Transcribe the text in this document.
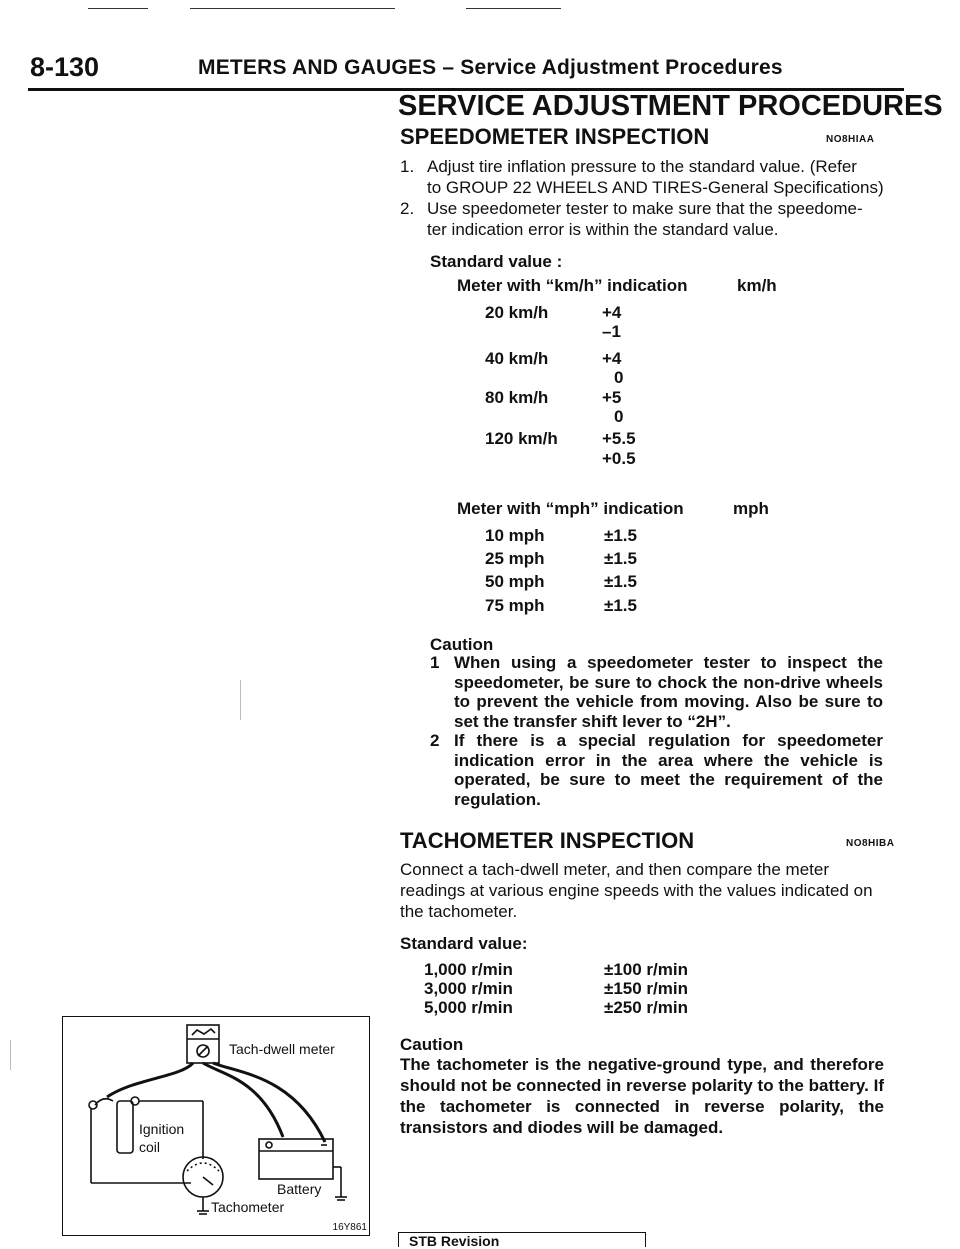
8-130	METERS AND GAUGES – Service Adjustment Procedures
SERVICE ADJUSTMENT PROCEDURES
SPEEDOMETER INSPECTION	NO8HIAA
1. Adjust tire inflation pressure to the standard value. (Refer
to GROUP 22 WHEELS AND TIRES-General Specifications)
2. Use speedometer tester to make sure that the speedome-
ter indication error is within the standard value.
Standard value :
Meter with “km/h” indication	km/h
20 km/h	+4
–1
40 km/h	+4
0
80 km/h	+5
0
120 km/h	+5.5
+0.5
Meter with “mph” indication	mph
10 mph	±1.5
25 mph	±1.5
50 mph	±1.5
75 mph	±1.5
Caution
1 When using a speedometer tester to inspect the speedometer, be sure to chock the non-drive wheels to prevent the vehicle from moving. Also be sure to set the transfer shift lever to “2H”.
2 If there is a special regulation for speedometer indication error in the area where the vehicle is operated, be sure to meet the requirement of the regulation.
TACHOMETER INSPECTION	NO8HIBA
Connect a tach-dwell meter, and then compare the meter
readings at various engine speeds with the values indicated on
the tachometer.
Standard value:
1,000 r/min	±100 r/min
3,000 r/min	±150 r/min
5,000 r/min	±250 r/min
Caution
The tachometer is the negative-ground type, and therefore should not be connected in reverse polarity to the battery. If the tachometer is connected in reverse polarity, the transistors and diodes will be damaged.
Tach-dwell meter
Ignition
coil
Battery
Tachometer
16Y861
STB Revision
